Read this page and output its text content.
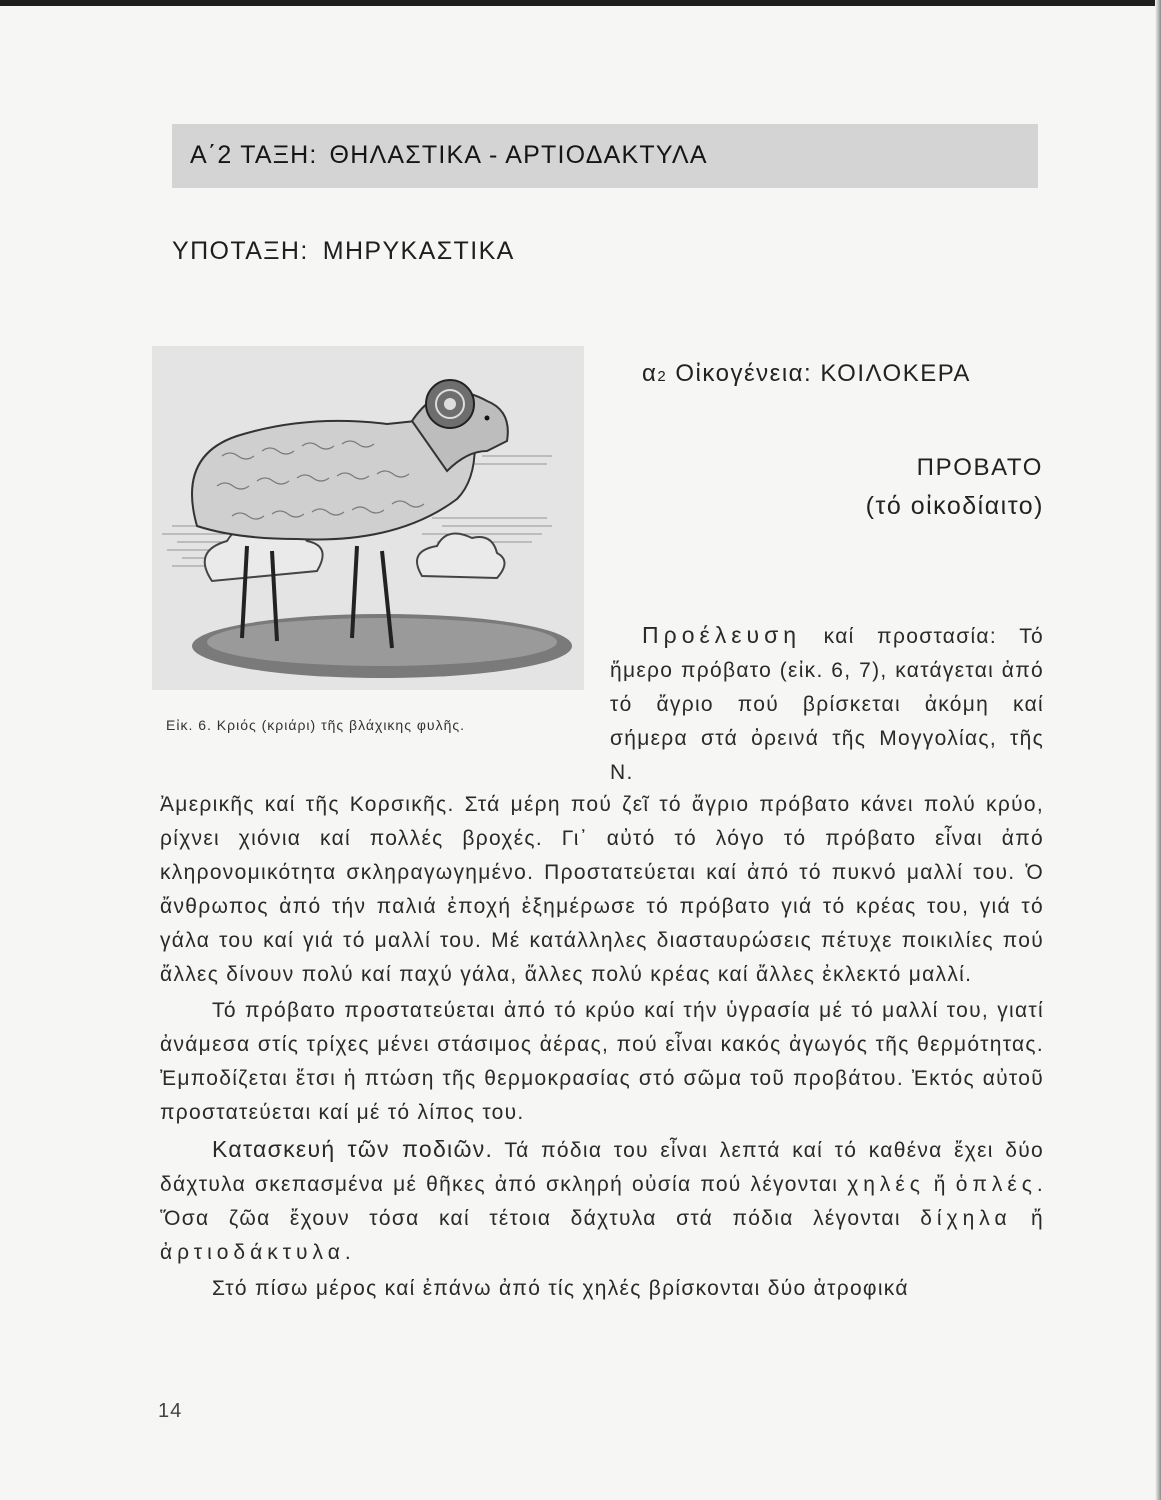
Α΄2 ΤΑΞΗ: ΘΗΛΑΣΤΙΚΑ - ΑΡΤΙΟΔΑΚΤΥΛΑ
ΥΠΟΤΑΞΗ: ΜΗΡΥΚΑΣΤΙΚΑ
Εἰκ. 6. Κριός (κριάρι) τῆς βλάχικης φυλῆς.
α2 Οἰκογένεια: ΚΟΙΛΟΚΕΡΑ
ΠΡΟΒΑΤΟ
(τό οἰκοδίαιτο)
Προέλευση καί προστασία: Τό ἥμερο πρόβατο (εἰκ. 6, 7), κατάγεται ἀπό τό ἄγριο πού βρίσκεται ἀκόμη καί σήμερα στά ὀρεινά τῆς Μογγολίας, τῆς Ν.

Ἀμερικῆς καί τῆς Κορσικῆς. Στά μέρη πού ζεῖ τό ἄγριο πρόβατο κάνει πολύ κρύο, ρίχνει χιόνια καί πολλές βροχές. Γι᾽ αὐτό τό λόγο τό πρόβατο εἶναι ἀπό κληρονομικότητα σκληραγωγημένο. Προστατεύεται καί ἀπό τό πυκνό μαλλί του. Ὁ ἄνθρωπος ἀπό τήν παλιά ἐποχή ἐξημέρωσε τό πρόβατο γιά τό κρέας του, γιά τό γάλα του καί γιά τό μαλλί του. Μέ κατάλληλες διασταυρώσεις πέτυχε ποικιλίες πού ἄλλες δίνουν πολύ καί παχύ γάλα, ἄλλες πολύ κρέας καί ἄλλες ἐκλεκτό μαλλί.

Τό πρόβατο προστατεύεται ἀπό τό κρύο καί τήν ὑγρασία μέ τό μαλλί του, γιατί ἀνάμεσα στίς τρίχες μένει στάσιμος ἀέρας, πού εἶναι κακός ἀγωγός τῆς θερμότητας. Ἐμποδίζεται ἔτσι ἡ πτώση τῆς θερμοκρασίας στό σῶμα τοῦ προβάτου. Ἐκτός αὐτοῦ προστατεύεται καί μέ τό λίπος του.

Κατασκευή τῶν ποδιῶν. Τά πόδια του εἶναι λεπτά καί τό καθένα ἔχει δύο δάχτυλα σκεπασμένα μέ θῆκες ἀπό σκληρή οὐσία πού λέγονται χηλές ἤ ὁπλές. Ὅσα ζῶα ἔχουν τόσα καί τέτοια δάχτυλα στά πόδια λέγονται δίχηλα ἤ ἀρτιοδάκτυλα.

Στό πίσω μέρος καί ἐπάνω ἀπό τίς χηλές βρίσκονται δύο ἀτροφικά

14
